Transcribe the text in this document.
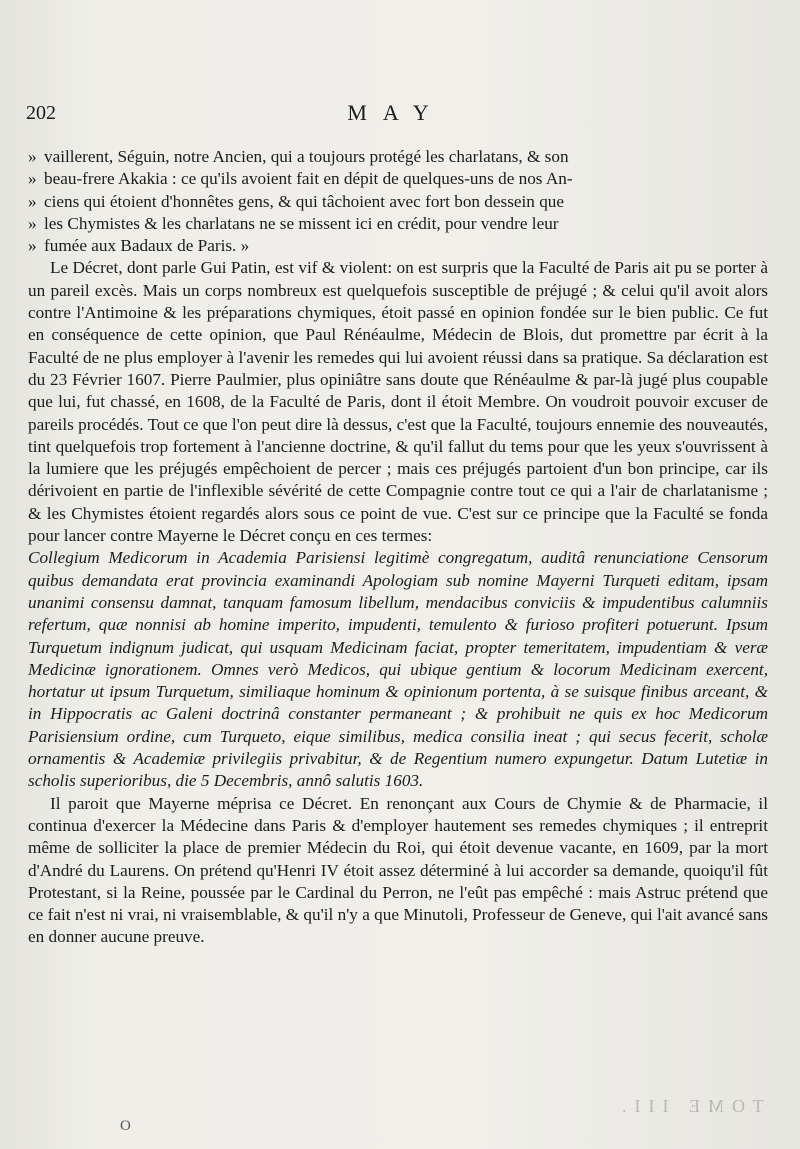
202	MAY

» vaillerent, Séguin, notre Ancien, qui a toujours protégé les charlatans, & son

» beau-frere Akakia : ce qu'ils avoient fait en dépit de quelques-uns de nos An-

» ciens qui étoient d'honnêtes gens, & qui tâchoient avec fort bon dessein que

» les Chymistes & les charlatans ne se missent ici en crédit, pour vendre leur

» fumée aux Badaux de Paris. »

Le Décret, dont parle Gui Patin, est vif & violent: on est surpris que la Faculté de Paris ait pu se porter à un pareil excès. Mais un corps nombreux est quelquefois susceptible de préjugé ; & celui qu'il avoit alors contre l'Antimoine & les préparations chymiques, étoit passé en opinion fondée sur le bien public. Ce fut en conséquence de cette opinion, que Paul Rénéaulme, Médecin de Blois, dut promettre par écrit à la Faculté de ne plus employer à l'avenir les remedes qui lui avoient réussi dans sa pratique. Sa déclaration est du 23 Février 1607. Pierre Paulmier, plus opiniâtre sans doute que Rénéaulme & par-là jugé plus coupable que lui, fut chassé, en 1608, de la Faculté de Paris, dont il étoit Membre. On voudroit pouvoir excuser de pareils procédés. Tout ce que l'on peut dire là dessus, c'est que la Faculté, toujours ennemie des nouveautés, tint quelquefois trop fortement à l'ancienne doctrine, & qu'il fallut du tems pour que les yeux s'ouvrissent à la lumiere que les préjugés empêchoient de percer ; mais ces préjugés partoient d'un bon principe, car ils dérivoient en partie de l'inflexible sévérité de cette Compagnie contre tout ce qui a l'air de charlatanisme ; & les Chymistes étoient regardés alors sous ce point de vue. C'est sur ce principe que la Faculté se fonda pour lancer contre Mayerne le Décret conçu en ces termes:

Collegium Medicorum in Academia Parisiensi legitimè congregatum, auditâ renunciatione Censorum quibus demandata erat provincia examinandi Apologiam sub nomine Mayerni Turqueti editam, ipsam unanimi consensu damnat, tanquam famosum libellum, mendacibus conviciis & impudentibus calumniis refertum, quæ nonnisi ab homine imperito, impudenti, temulento & furioso profiteri potuerunt. Ipsum Turquetum indignum judicat, qui usquam Medicinam faciat, propter temeritatem, impudentiam & veræ Medicinæ ignorationem. Omnes verò Medicos, qui ubique gentium & locorum Medicinam exercent, hortatur ut ipsum Turquetum, similiaque hominum & opinionum portenta, à se suisque finibus arceant, & in Hippocratis ac Galeni doctrinâ constanter permaneant ; & prohibuit ne quis ex hoc Medicorum Parisiensium ordine, cum Turqueto, eique similibus, medica consilia ineat ; qui secus fecerit, scholæ ornamentis & Academiæ privilegiis privabitur, & de Regentium numero expungetur. Datum Lutetiæ in scholis superioribus, die 5 Decembris, annô salutis 1603.

Il paroit que Mayerne méprisa ce Décret. En renonçant aux Cours de Chymie & de Pharmacie, il continua d'exercer la Médecine dans Paris & d'employer hautement ses remedes chymiques ; il entreprit même de solliciter la place de premier Médecin du Roi, qui étoit devenue vacante, en 1609, par la mort d'André du Laurens. On prétend qu'Henri IV étoit assez déterminé à lui accorder sa demande, quoiqu'il fût Protestant, si la Reine, poussée par le Cardinal du Perron, ne l'eût pas empêché : mais Astruc prétend que ce fait n'est ni vrai, ni vraisemblable, & qu'il n'y a que Minutoli, Professeur de Geneve, qui l'ait avancé sans en donner aucune preuve.

O
TOME III.
